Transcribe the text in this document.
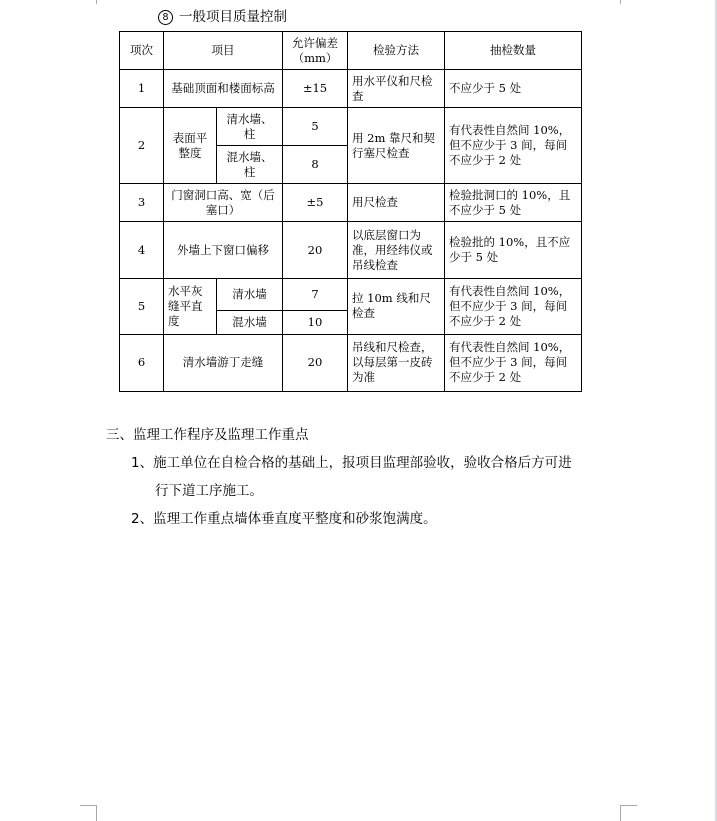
8 一般项目质量控制
项次	项目		允许偏差（mm）	检验方法	抽检数量
1	基础顶面和楼面标高		±15	用水平仪和尺检查	不应少于 5 处
2	表面平整度	清水墙、柱	5	用 2m 靠尺和契行塞尺检查	有代表性自然间 10%，但不应少于 3 间，每间不应少于 2 处
		混水墙、柱	8		
3	门窗洞口高、宽（后塞口）		±5	用尺检查	检验批洞口的 10%，且不应少于 5 处
4	外墙上下窗口偏移		20	以底层窗口为准，用经纬仪或吊线检查	检验批的 10%，且不应少于 5 处
5	水平灰缝平直度	清水墙	7	拉 10m 线和尺检查	有代表性自然间 10%，但不应少于 3 间，每间不应少于 2 处
		混水墙	10		
6	清水墙游丁走缝		20	吊线和尺检查，以每层第一皮砖为准	有代表性自然间 10%，但不应少于 3 间，每间不应少于 2 处
三、监理工作程序及监理工作重点
1、施工单位在自检合格的基础上，报项目监理部验收，验收合格后方可进
行下道工序施工。
2、监理工作重点墙体垂直度平整度和砂浆饱满度。
